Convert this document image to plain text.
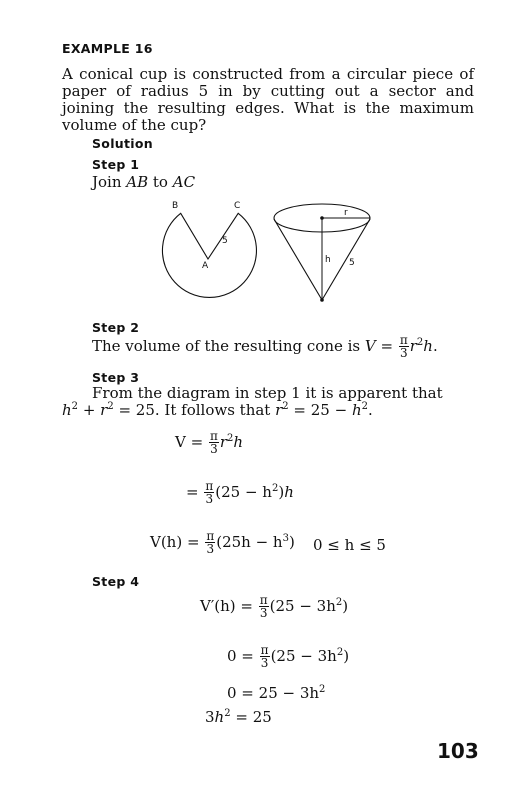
EXAMPLE 16
A conical cup is constructed from a circular piece of paper of radius 5 in by cutting out a sector and joining the resulting edges. What is the maximum volume of the cup?
Solution
Step 1
Join AB to AC
B	C
5
A
r
h 5
Step 2
The volume of the resulting cone is $V = \frac{\pi}{3} r^2h$.
Step 3
From the diagram in step 1 it is apparent that
$h^2 + r^2 = 25$. It follows that $r^2 = 25 - h^2$.
$V = \frac{\pi}{3} r^2h$
= $\frac{\pi}{3} (25 - h^2)h$
$V(h) = \frac{\pi}{3} (25h - h^3) 0 \le h \le 5$
Step 4
$V'(h) = \frac{\pi}{3} (25 - 3h^2)$
$0 = \frac{\pi}{3} (25 - 3h^2)$
$0 = 25 - 3h^2$
$3h^2 = 25$
103
